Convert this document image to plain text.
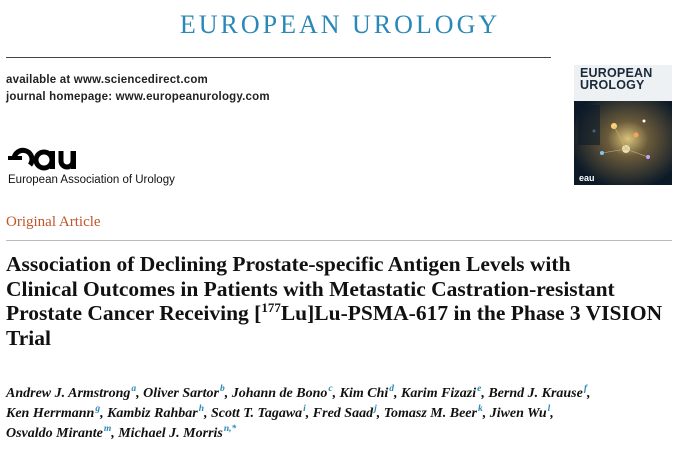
EUROPEAN UROLOGY
available at www.sciencedirect.com
journal homepage: www.europeanurology.com
EUROPEAN
UROLOGY
eau
European Association of Urology
Original Article
Association of Declining Prostate-specific Antigen Levels with
Clinical Outcomes in Patients with Metastatic Castration-resistant
Prostate Cancer Receiving [$^{177}$Lu]Lu-PSMA-617 in the Phase 3 VISION
Trial
Andrew J. Armstrong$^a$, Oliver Sartor$^b$, Johann de Bono$^c$, Kim Chi$^d$, Karim Fizazi$^e$, Bernd J. Krause$^f$,
Ken Herrmann$^g$, Kambiz Rahbar$^h$, Scott T. Tagawa$^i$, Fred Saad$^j$, Tomasz M. Beer$^k$, Jiwen Wu$^l$,
Osvaldo Mirante$^m$, Michael J. Morris$^{n,*}$
